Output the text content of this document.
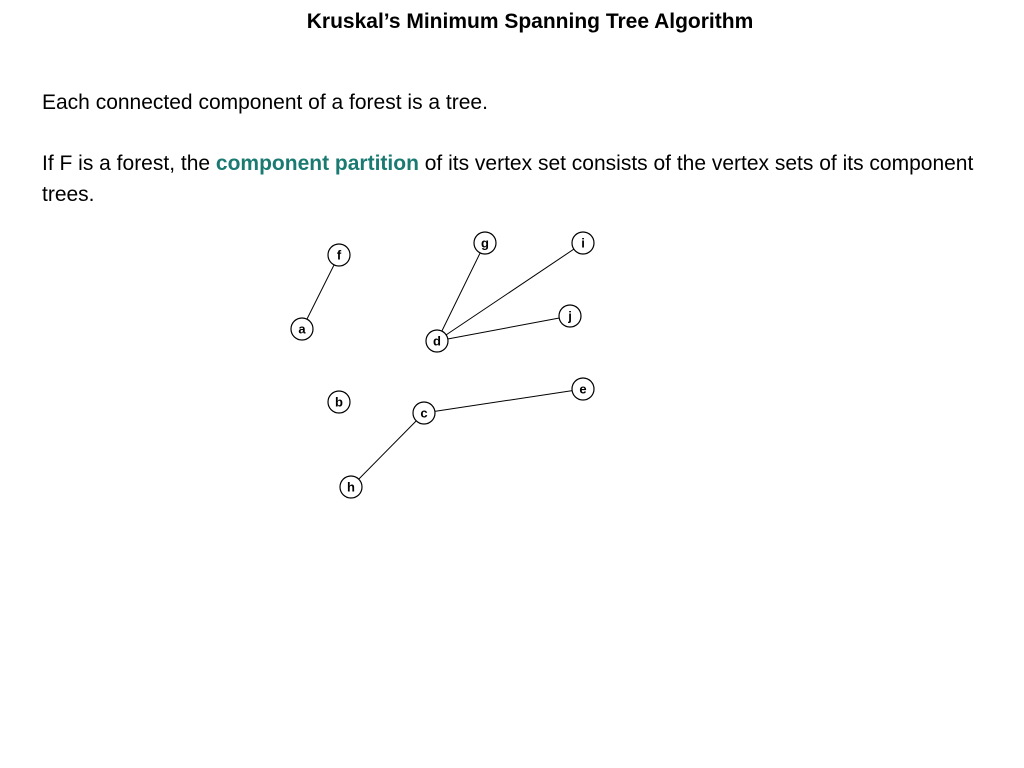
Kruskal’s Minimum Spanning Tree Algorithm
Each connected component of a forest is a tree.
If F is a forest, the component partition of its vertex set consists of the vertex sets of its component trees.
a
b
c
d
e
f
g
h
i
j
